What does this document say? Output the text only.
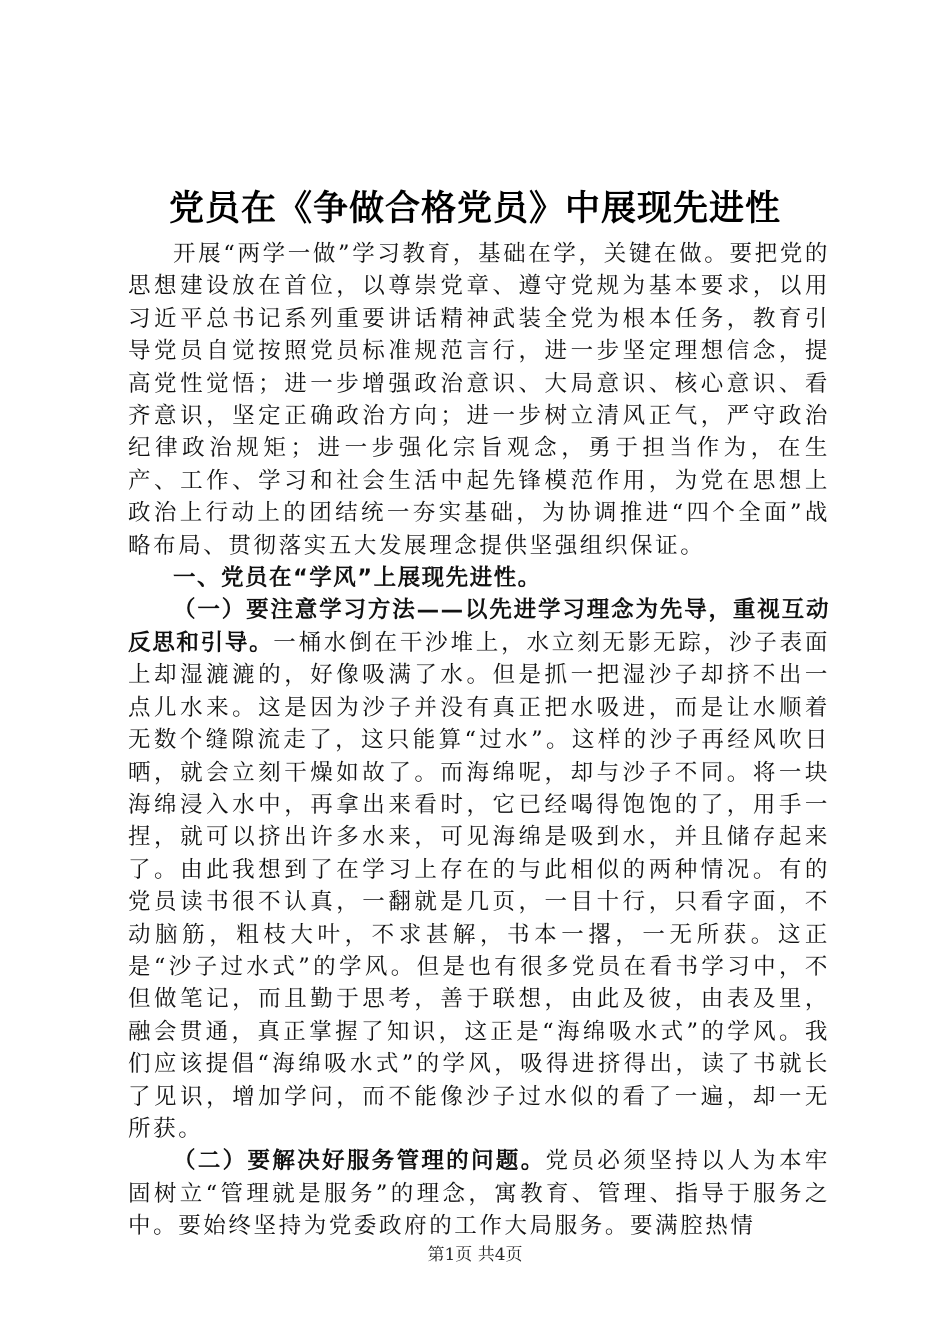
党员在《争做合格党员》中展现先进性

开展“两学一做”学习教育，基础在学，关键在做。要把党的思想建设放在首位，以尊崇党章、遵守党规为基本要求，以用习近平总书记系列重要讲话精神武装全党为根本任务，教育引导党员自觉按照党员标准规范言行，进一步坚定理想信念，提高党性觉悟；进一步增强政治意识、大局意识、核心意识、看齐意识，坚定正确政治方向；进一步树立清风正气，严守政治纪律政治规矩；进一步强化宗旨观念，勇于担当作为，在生产、工作、学习和社会生活中起先锋模范作用，为党在思想上政治上行动上的团结统一夯实基础，为协调推进“四个全面”战略布局、贯彻落实五大发展理念提供坚强组织保证。

一、党员在“学风”上展现先进性。

（一）要注意学习方法——以先进学习理念为先导，重视互动反思和引导。一桶水倒在干沙堆上，水立刻无影无踪，沙子表面上却湿漉漉的，好像吸满了水。但是抓一把湿沙子却挤不出一点儿水来。这是因为沙子并没有真正把水吸进，而是让水顺着无数个缝隙流走了，这只能算“过水”。这样的沙子再经风吹日晒，就会立刻干燥如故了。而海绵呢，却与沙子不同。将一块海绵浸入水中，再拿出来看时，它已经喝得饱饱的了，用手一捏，就可以挤出许多水来，可见海绵是吸到水，并且储存起来了。由此我想到了在学习上存在的与此相似的两种情况。有的党员读书很不认真，一翻就是几页，一目十行，只看字面，不动脑筋，粗枝大叶，不求甚解，书本一撂，一无所获。这正是“沙子过水式”的学风。但是也有很多党员在看书学习中，不但做笔记，而且勤于思考，善于联想，由此及彼，由表及里，融会贯通，真正掌握了知识，这正是“海绵吸水式”的学风。我们应该提倡“海绵吸水式”的学风，吸得进挤得出，读了书就长了见识，增加学问，而不能像沙子过水似的看了一遍，却一无所获。

（二）要解决好服务管理的问题。党员必须坚持以人为本牢固树立“管理就是服务”的理念，寓教育、管理、指导于服务之中。要始终坚持为党委政府的工作大局服务。要满腔热情

第1页 共4页
